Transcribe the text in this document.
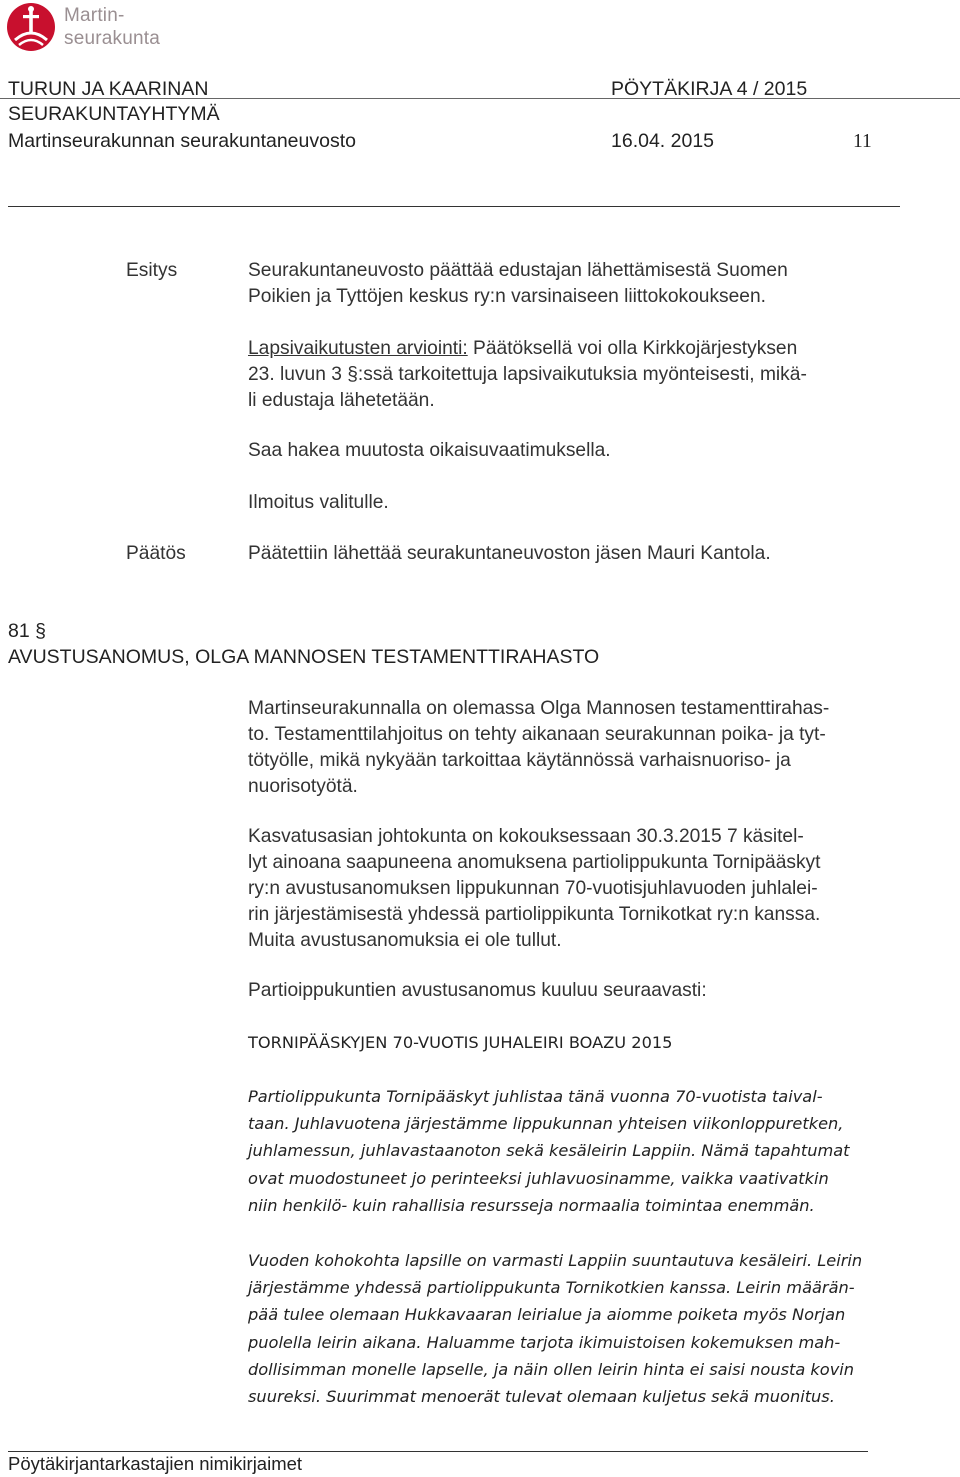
Martin-
seurakunta
TURUN JA KAARINAN	PÖYTÄKIRJA 4 / 2015
SEURAKUNTAYHTYMÄ
Martinseurakunnan seurakuntaneuvosto	16.04. 2015	11
Esitys	Seurakuntaneuvosto päättää edustajan lähettämisestä Suomen
Poikien ja Tyttöjen keskus ry:n varsinaiseen liittokokoukseen.
Lapsivaikutusten arviointi: Päätöksellä voi olla Kirkkojärjestyksen
23. luvun 3 §:ssä tarkoitettuja lapsivaikutuksia myönteisesti, mikä-
li edustaja lähetetään.
Saa hakea muutosta oikaisuvaatimuksella.
Ilmoitus valitulle.
Päätös	Päätettiin lähettää seurakuntaneuvoston jäsen Mauri Kantola.
81 §
AVUSTUSANOMUS, OLGA MANNOSEN TESTAMENTTIRAHASTO
Martinseurakunnalla on olemassa Olga Mannosen testamenttirahas-
to. Testamenttilahjoitus on tehty aikanaan seurakunnan poika- ja tyt-
tötyölle, mikä nykyään tarkoittaa käytännössä varhaisnuoriso- ja
nuorisotyötä.
Kasvatusasian johtokunta on kokouksessaan 30.3.2015 7 käsitel-
lyt ainoana saapuneena anomuksena partiolippukunta Tornipääskyt
ry:n avustusanomuksen lippukunnan 70-vuotisjuhlavuoden juhlalei-
rin järjestämisestä yhdessä partiolippikunta Tornikotkat ry:n kanssa.
Muita avustusanomuksia ei ole tullut.
Partioippukuntien avustusanomus kuuluu seuraavasti:
TORNIPÄÄSKYJEN 70-VUOTIS JUHALEIRI BOAZU 2015
Partiolippukunta Tornipääskyt juhlistaa tänä vuonna 70-vuotista taival-
taan. Juhlavuotena järjestämme lippukunnan yhteisen viikonloppuretken,
juhlamessun, juhlavastaanoton sekä kesäleirin Lappiin. Nämä tapahtumat
ovat muodostuneet jo perinteeksi juhlavuosinamme, vaikka vaativatkin
niin henkilö- kuin rahallisia resursseja normaalia toimintaa enemmän.
Vuoden kohokohta lapsille on varmasti Lappiin suuntautuva kesäleiri. Leirin
järjestämme yhdessä partiolippukunta Tornikotkien kanssa. Leirin määrän-
pää tulee olemaan Hukkavaaran leirialue ja aiomme poiketa myös Norjan
puolella leirin aikana. Haluamme tarjota ikimuistoisen kokemuksen mah-
dollisimman monelle lapselle, ja näin ollen leirin hinta ei saisi nousta kovin
suureksi. Suurimmat menoerät tulevat olemaan kuljetus sekä muonitus.
Pöytäkirjantarkastajien nimikirjaimet
